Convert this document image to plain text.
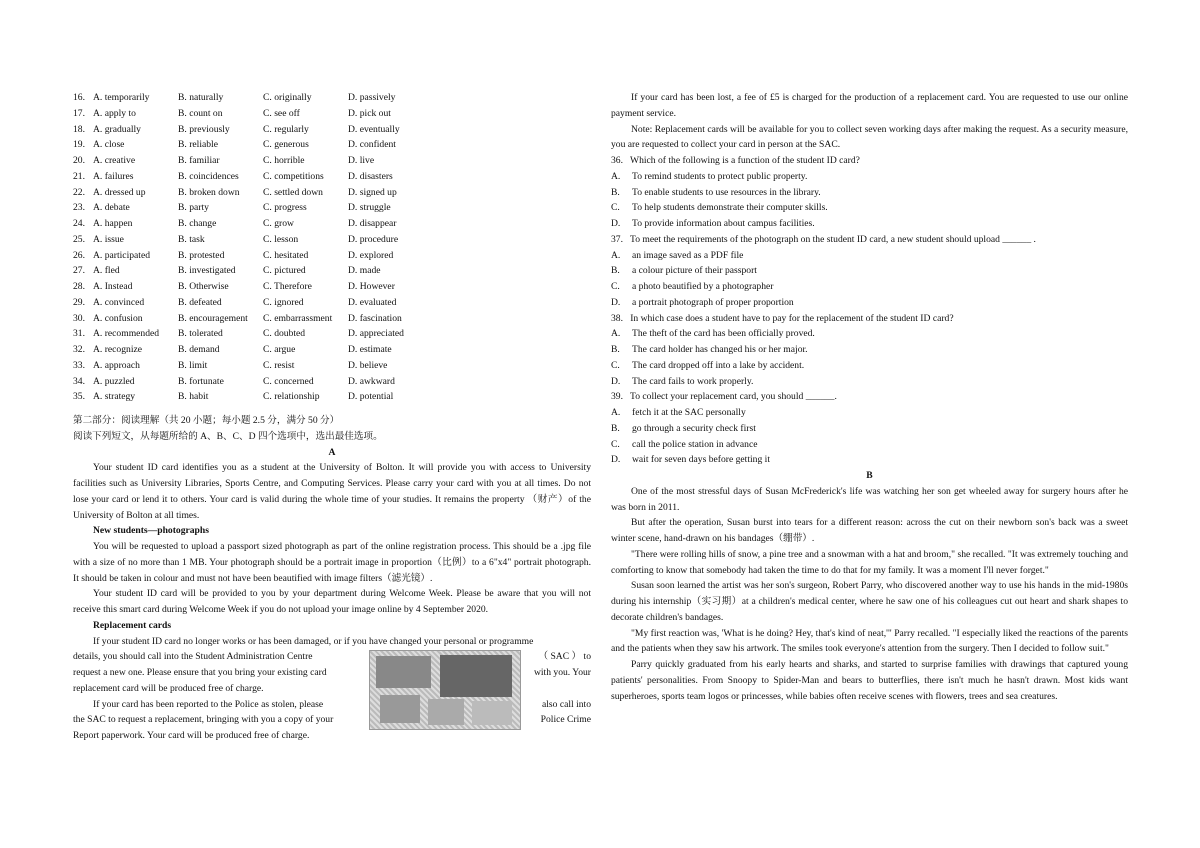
16. A. temporarily	B. naturally	C. originally	D. passively
17. A. apply to	B. count on	C. see off	D. pick out
18. A. gradually	B. previously	C. regularly	D. eventually
19. A. close	B. reliable	C. generous	D. confident
20. A. creative	B. familiar	C. horrible	D. live
21. A. failures	B. coincidences	C. competitions	D. disasters
22. A. dressed up	B. broken down	C. settled down	D. signed up
23. A. debate	B. party	C. progress	D. struggle
24. A. happen	B. change	C. grow	D. disappear
25. A. issue	B. task	C. lesson	D. procedure
26. A. participated	B. protested	C. hesitated	D. explored
27. A. fled	B. investigated	C. pictured	D. made
28. A. Instead	B. Otherwise	C. Therefore	D. However
29. A. convinced	B. defeated	C. ignored	D. evaluated
30. A. confusion	B. encouragement	C. embarrassment	D. fascination
31. A. recommended	B. tolerated	C. doubted	D. appreciated
32. A. recognize	B. demand	C. argue	D. estimate
33. A. approach	B. limit	C. resist	D. believe
34. A. puzzled	B. fortunate	C. concerned	D. awkward
35. A. strategy	B. habit	C. relationship	D. potential

第二部分：阅读理解（共 20 小题；每小题 2.5 分，满分 50 分）

阅读下列短文，从每题所给的 A、B、C、D 四个选项中，选出最佳选项。

A

Your student ID card identifies you as a student at the University of Bolton. It will provide you with access to University facilities such as University Libraries, Sports Centre, and Computing Services. Please carry your card with you at all times. Do not lose your card or lend it to others. Your card is valid during the whole time of your studies. It remains the property （财产）of the University of Bolton at all times.

New students—photographs

You will be requested to upload a passport sized photograph as part of the online registration process. This should be a .jpg file with a size of no more than 1 MB. Your photograph should be a portrait image in proportion（比例）to a 6"x4" portrait photograph. It should be taken in colour and must not have been beautified with image filters（滤光镜）.

Your student ID card will be provided to you by your department during Welcome Week. Please be aware that you will not receive this smart card during Welcome Week if you do not upload your image online by 4 September 2020.

Replacement cards

If your student ID card no longer works or has been damaged, or if you have changed your personal or programme

details, you should call into the Student Administration Centre	（ SAC ） to
request a new one. Please ensure that you bring your existing card	with you. Your
replacement card will be produced free of charge.
If your card has been reported to the Police as stolen, please	also call into
the SAC to request a replacement, bringing with you a copy of your	Police Crime
Report paperwork. Your card will be produced free of charge.

If your card has been lost, a fee of £5 is charged for the production of a replacement card. You are requested to use our online payment service.

Note: Replacement cards will be available for you to collect seven working days after making the request. As a security measure, you are requested to collect your card in person at the SAC.

36.   Which of the following is a function of the student ID card?

A.	To remind students to protect public property.
B.	To enable students to use resources in the library.
C.	To help students demonstrate their computer skills.
D.	To provide information about campus facilities.

37.   To meet the requirements of the photograph on the student ID card, a new student should upload ______ .

A.	an image saved as a PDF file
B.	a colour picture of their passport
C.	a photo beautified by a photographer
D.	a portrait photograph of proper proportion

38.   In which case does a student have to pay for the replacement of the student ID card?

A.	The theft of the card has been officially proved.
B.	The card holder has changed his or her major.
C.	The card dropped off into a lake by accident.
D.	The card fails to work properly.

39.   To collect your replacement card, you should ______.

A.	fetch it at the SAC personally
B.	go through a security check first
C.	call the police station in advance
D.	wait for seven days before getting it

B

One of the most stressful days of Susan McFrederick's life was watching her son get wheeled away for surgery hours after he was born in 2011.

But after the operation, Susan burst into tears for a different reason: across the cut on their newborn son's back was a sweet winter scene, hand-drawn on his bandages（绷带）.

"There were rolling hills of snow, a pine tree and a snowman with a hat and broom," she recalled. "It was extremely touching and comforting to know that somebody had taken the time to do that for my family. It was a moment I'll never forget."

Susan soon learned the artist was her son's surgeon, Robert Parry, who discovered another way to use his hands in the mid-1980s during his internship（实习期）at a children's medical center, where he saw one of his colleagues cut out heart and shark shapes to decorate children's bandages.

"My first reaction was, 'What is he doing? Hey, that's kind of neat,'" Parry recalled. "I especially liked the reactions of the parents and the patients when they saw his artwork. The smiles took everyone's attention from the surgery. Then I decided to follow suit."

Parry quickly graduated from his early hearts and sharks, and started to surprise families with drawings that captured young patients' personalities. From Snoopy to Spider-Man and bears to butterflies, there isn't much he hasn't drawn. Most kids want superheroes, sports team logos or princesses, while babies often receive scenes with flowers, trees and sea creatures.
